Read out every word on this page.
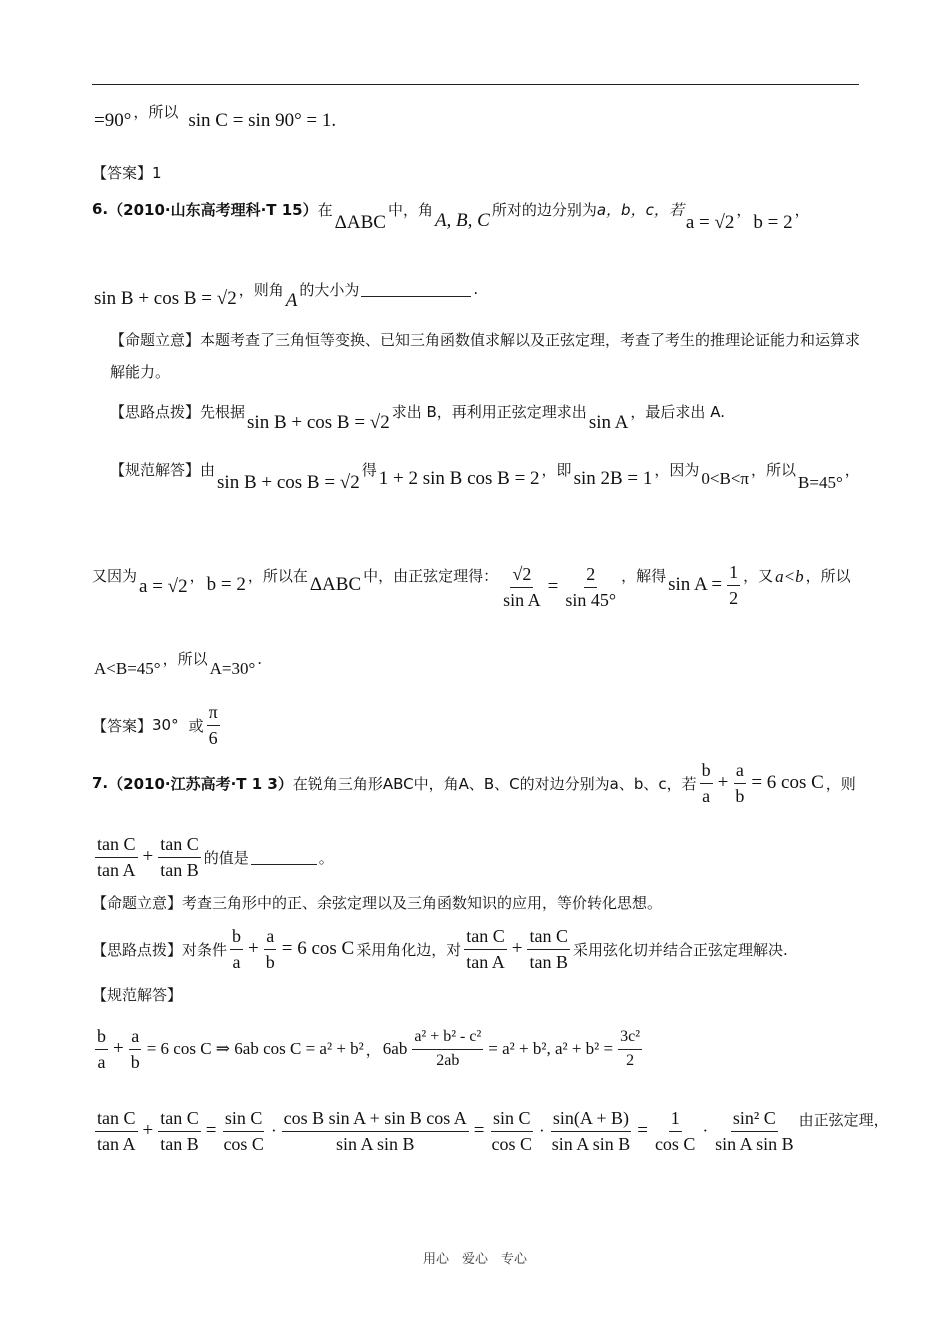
=90° ，所以 sin C = sin 90° = 1.
【答案】 1
6. （2010·山东高考理科·T 15） 在
ΔABC
中，角
A, B, C
所对的边分别为 a，b，c，若
a = √2
，
b = 2
，
sin B + cos B = √2 ，则角
A
的大小为	.
【命题立意】本题考查了三角恒等变换、已知三角函数值求解以及正弦定理，考查了考生的推理论证能力和运算求解能力。
【思路点拨】 先根据
sin B + cos B = √2
求出 B，再利用正弦定理求出
sin A
，最后求出 A.
【规范解答】 由
sin B + cos B = √2
得 1 + 2 sin B cos B = 2 ，即 sin 2B = 1 ，因为 0<B<π ，所以
B=45°
，
又因为
a = √2
， b = 2 ，所以在 ΔABC 中，由正弦定理得： $\frac{√2}{\text{sin A}} = \frac{2}{\sin 45^\circ}$ ，解得 $\sin A = \frac{1}{2}$ ，又 a<b ，所以
A<B=45° ，所以 A=30° .
【答案】 30° 或 $\frac{\pi}{6}$
7. （2010·江苏高考·T 1 3） 在锐角三角形ABC中，角A、B、C的对边分别为a、b、c，若 $\frac{b}{a} + \frac{a}{b} = 6$ cos C ，则
$\frac{\text{tan C}}{\text{tan A}} + \frac{\text{tan C}}{\text{tan B}}$ 的值是	。
【命题立意】 考查三角形中的正、余弦定理以及三角函数知识的应用，等价转化思想。
【思路点拨】 对条件 $\frac{b}{a} + \frac{a}{b} = 6$ cos C 采用角化边，对 $\frac{\text{tan C}}{\text{tan A}} + \frac{\text{tan C}}{\text{tan B}}$ 采用弦化切并结合正弦定理解决.
【规范解答】
$\frac{b}{a} + \frac{a}{b} = 6$ cos C ⇒ 6ab cos C = a² + b² ， $6ab \frac{\text{a² + b² - c²}}{2ab} = a^2 + b^2$, $a^2 + b^2 = \frac{\text{3c²}}{2}$
$\frac{\text{tan C}}{\text{tan A}} + \frac{\text{tan C}}{\text{tan B}} = \frac{\text{sin C}}{\text{cos C}} \cdot \frac{\text{cos B sin A + sin B cos A}}{\text{sin A sin B}} = \frac{\text{sin C}}{\text{cos C}} \cdot \frac{\sin(A + B)}{\text{sin A sin B}} = \frac{1}{\text{cos C}} \cdot \frac{\text{sin² C}}{\text{sin A sin B}}$ 由正弦定理，
用心　爱心　专心
